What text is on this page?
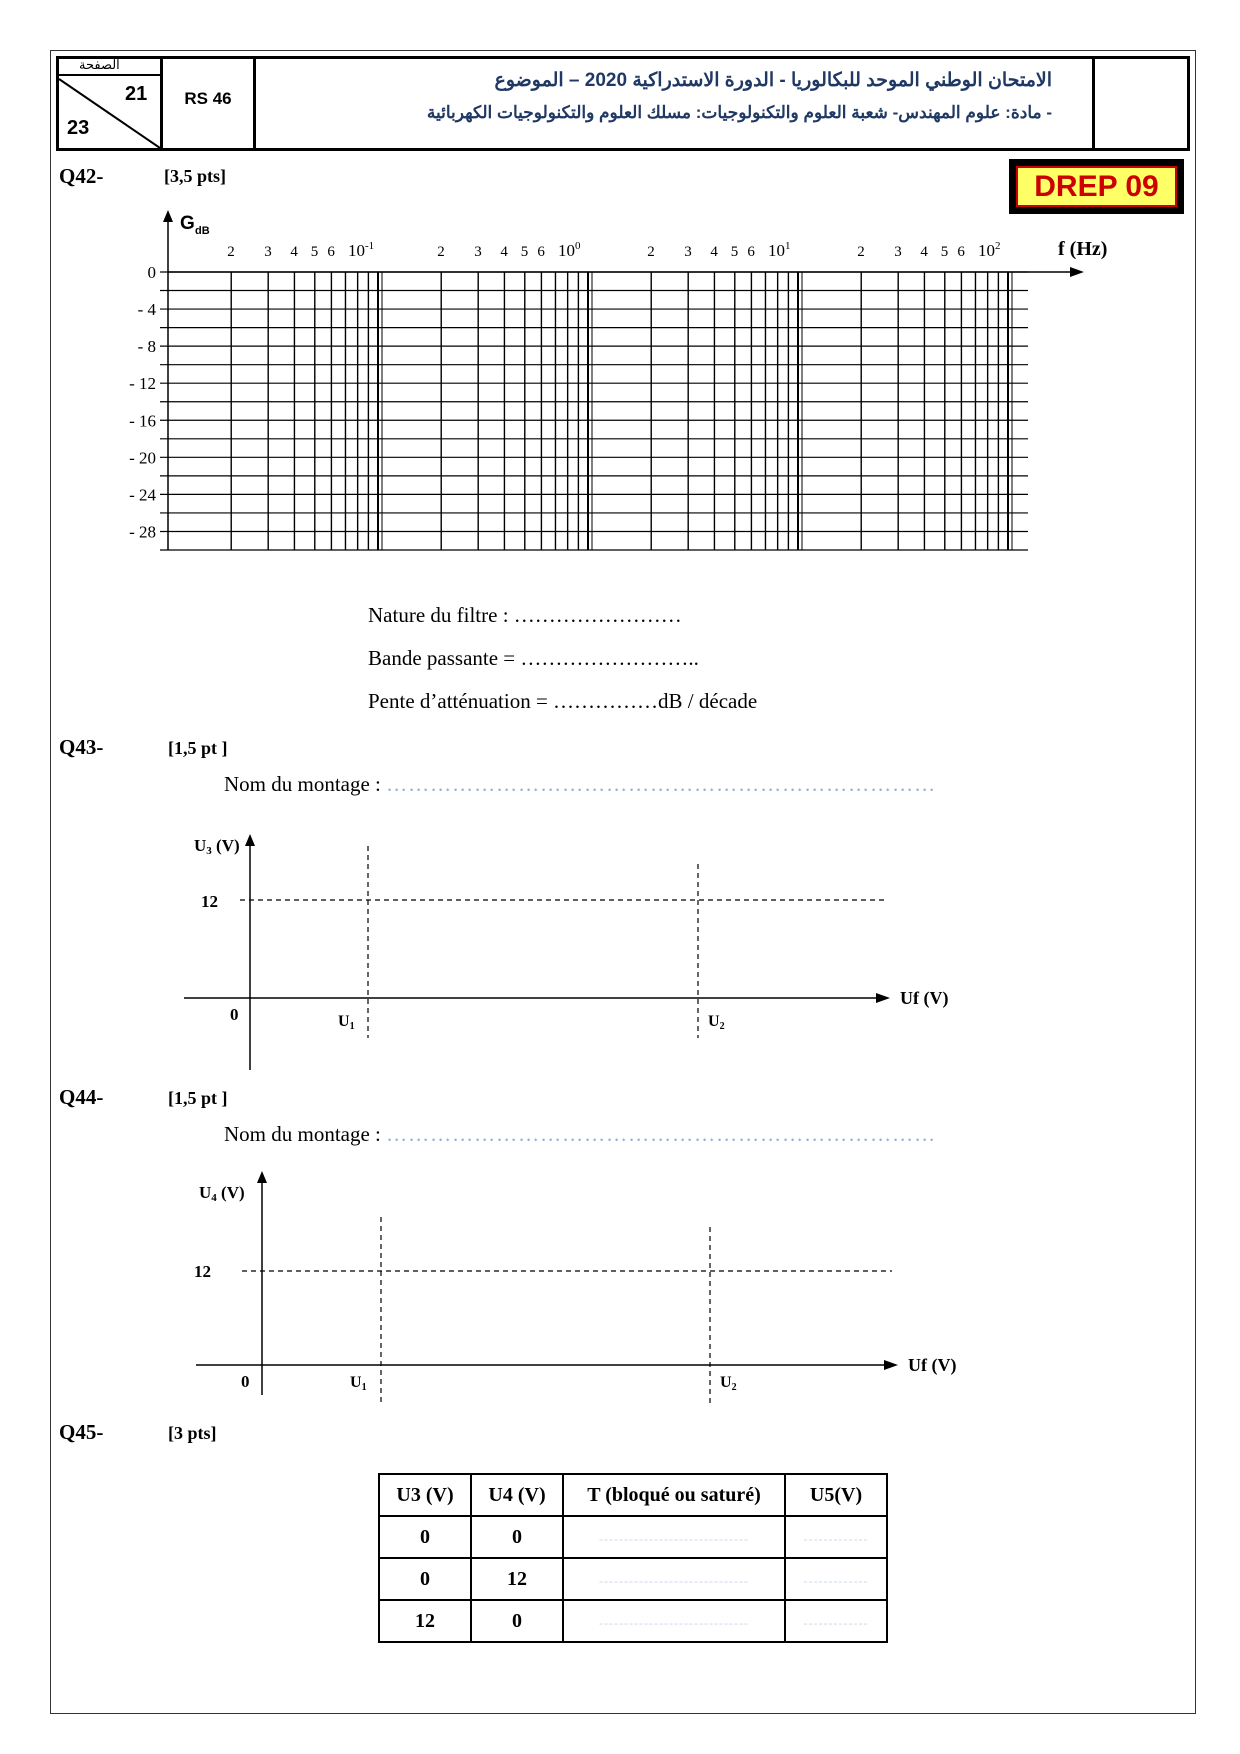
الصفحة
21
23
RS 46
الامتحان الوطني الموحد للبكالوريا - الدورة الاستدراكية 2020 – الموضوع
- مادة: علوم المهندس- شعبة العلوم والتكنولوجيات: مسلك العلوم والتكنولوجيات الكهربائية
DREP 09
Q42-	[3,5 pts]
2 3 4 5 6 $10^{-1}$	2 3 4 5 6 $10^0$	2 3 4 5 6 $10^1$	2 3 4 5 6 $10^2$
0
- 4
- 8
- 12
- 16
- 20
- 24
- 28
G dB
f (Hz)
Nature du filtre : ……………………
Bande passante = ……………………..
Pente d’atténuation = ……………dB / décade
Q43-	[1,5 pt ]
Nom du montage : …………………………………………………………………
U3 (V)
12
0
Uf (V)
U1	U2
Q44-	[1,5 pt ]
Nom du montage : …………………………………………………………………
U4 (V)
12
0
Uf (V)
U1	U2
Q45-	[3 pts]
U3 (V)	U4 (V)	T (bloqué ou saturé)	U5(V)
0	0	------------------------------	-------------
0	12	------------------------------	-------------
12	0	------------------------------	-------------
